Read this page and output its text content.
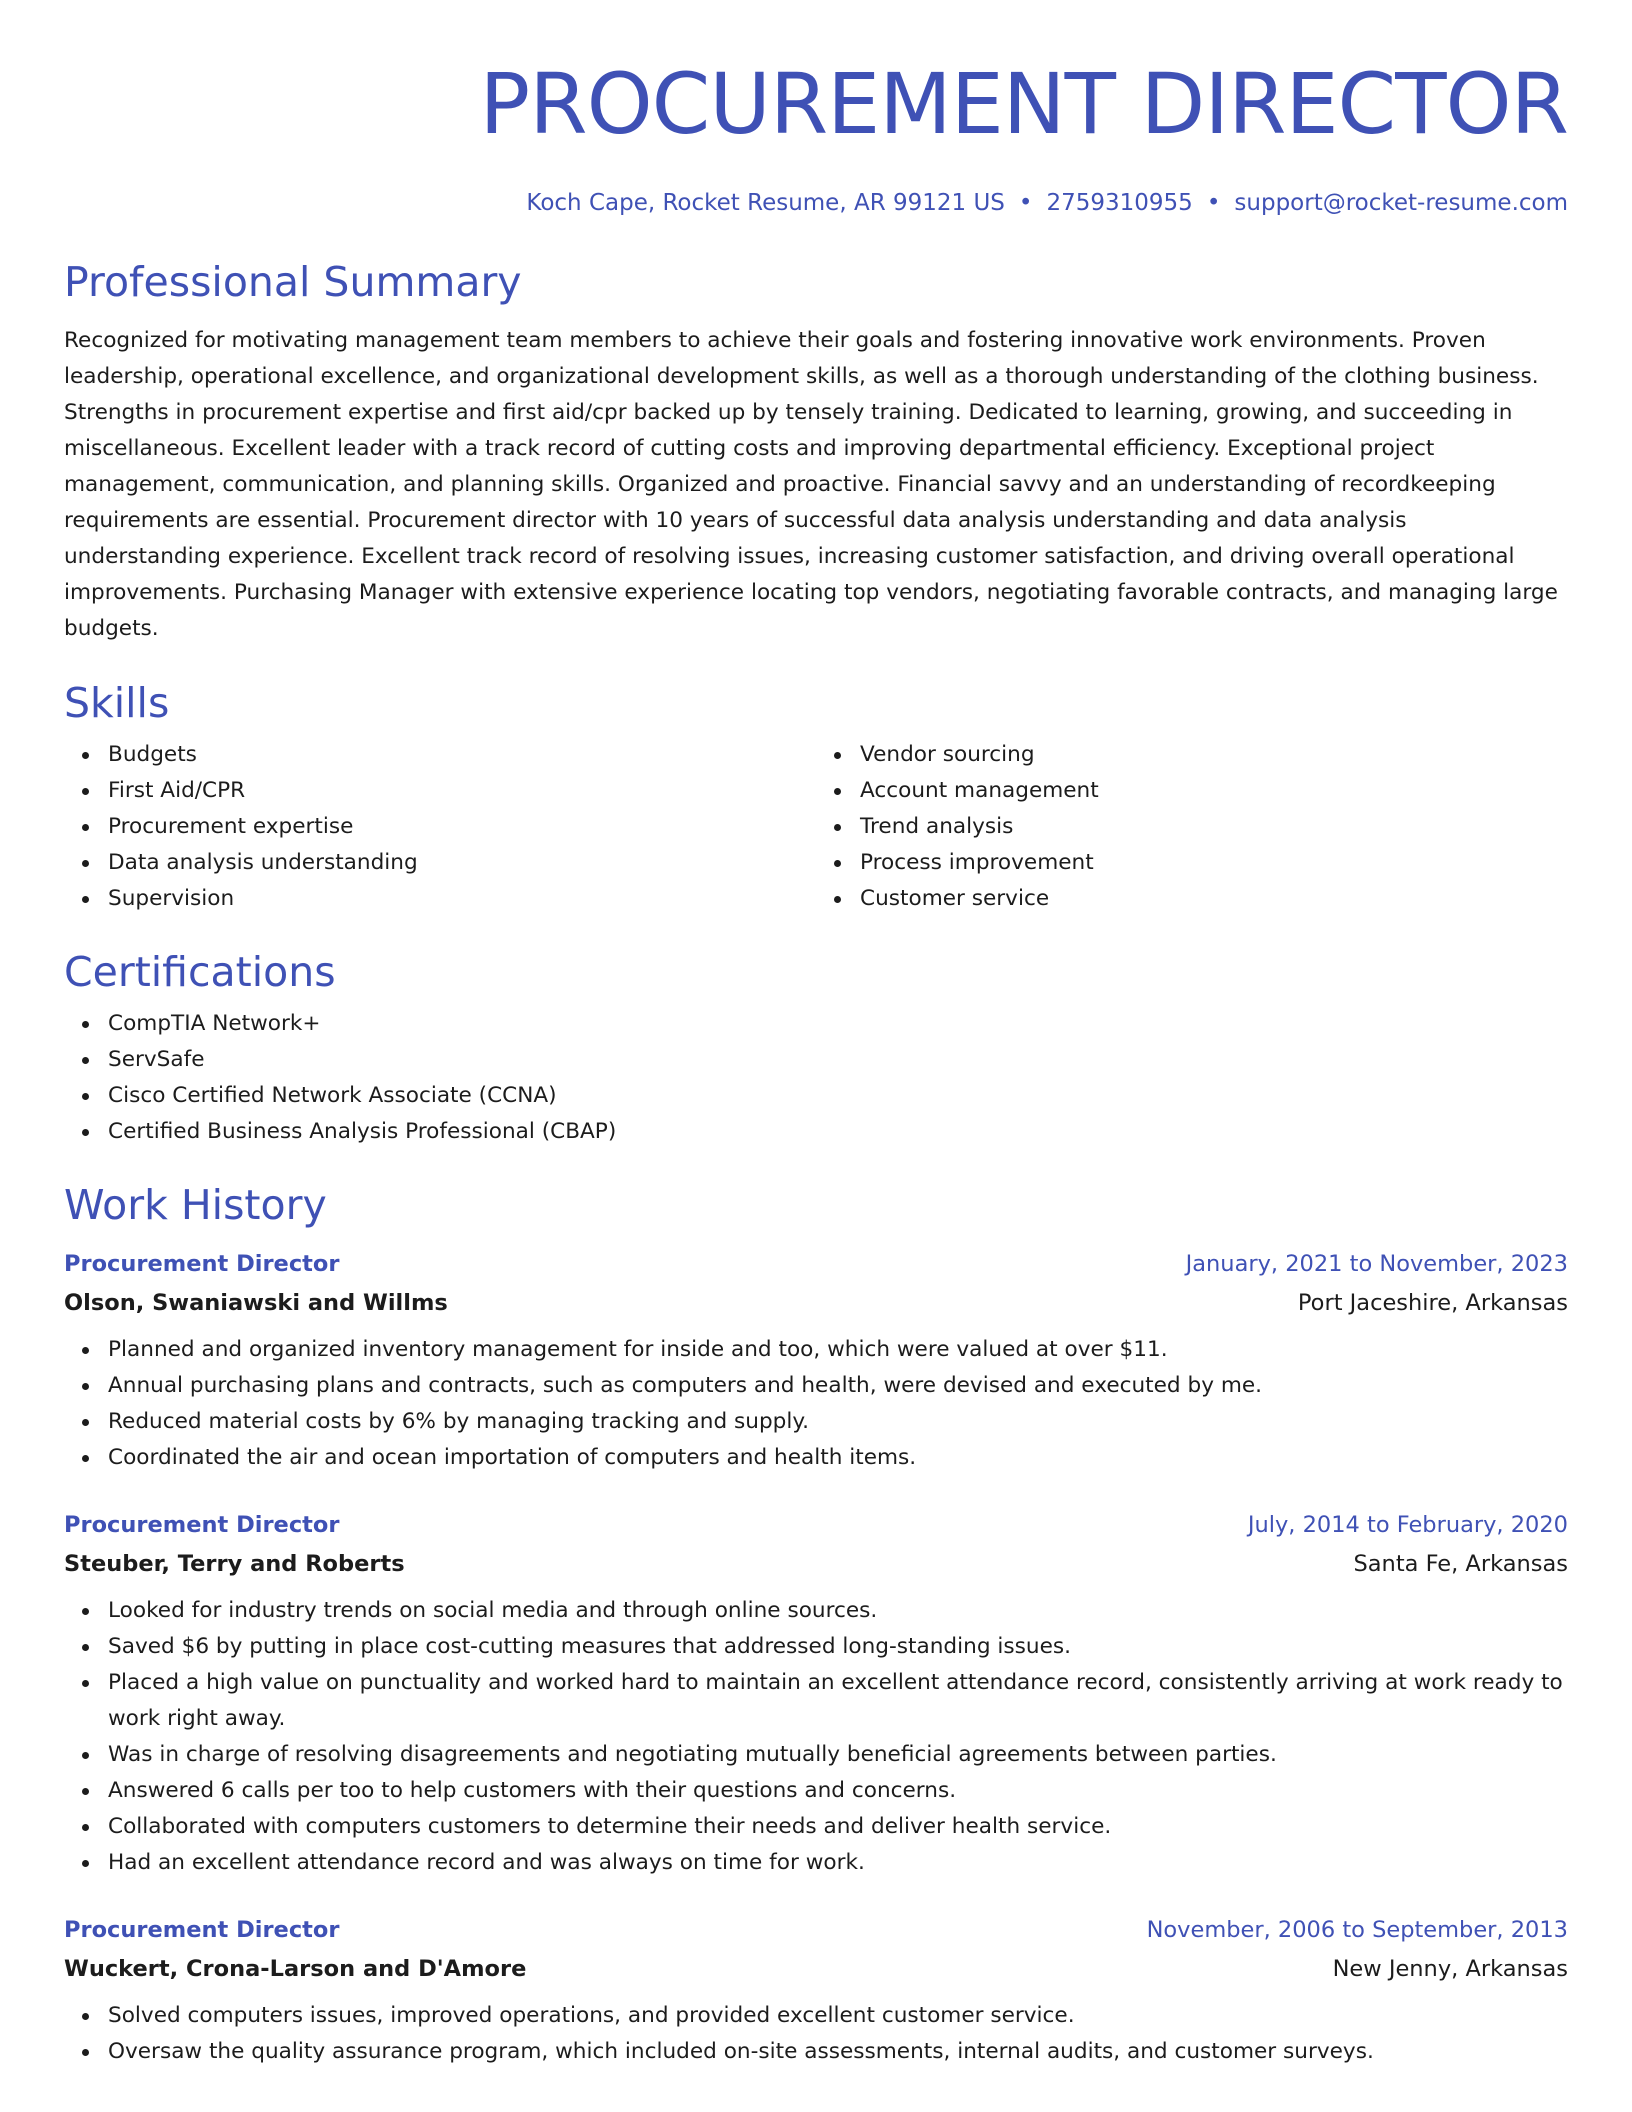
PROCUREMENT DIRECTOR
Koch Cape, Rocket Resume, AR 99121 US • 2759310955 • support@rocket-resume.com
Professional Summary

Recognized for motivating management team members to achieve their goals and fostering innovative work environments. Proven leadership, operational excellence, and organizational development skills, as well as a thorough understanding of the clothing business. Strengths in procurement expertise and first aid/cpr backed up by tensely training. Dedicated to learning, growing, and succeeding in miscellaneous. Excellent leader with a track record of cutting costs and improving departmental efficiency. Exceptional project management, communication, and planning skills. Organized and proactive. Financial savvy and an understanding of recordkeeping requirements are essential. Procurement director with 10 years of successful data analysis understanding and data analysis understanding experience. Excellent track record of resolving issues, increasing customer satisfaction, and driving overall operational improvements. Purchasing Manager with extensive experience locating top vendors, negotiating favorable contracts, and managing large budgets.

Skills
Budgets
First Aid/CPR
Procurement expertise
Data analysis understanding
Supervision
Vendor sourcing
Account management
Trend analysis
Process improvement
Customer service
Certifications
CompTIA Network+
ServSafe
Cisco Certified Network Associate (CCNA)
Certified Business Analysis Professional (CBAP)
Work History
Procurement Director	January, 2021 to November, 2023
Olson, Swaniawski and Willms	Port Jaceshire, Arkansas
Planned and organized inventory management for inside and too, which were valued at over $11.
Annual purchasing plans and contracts, such as computers and health, were devised and executed by me.
Reduced material costs by 6% by managing tracking and supply.
Coordinated the air and ocean importation of computers and health items.
Procurement Director	July, 2014 to February, 2020
Steuber, Terry and Roberts	Santa Fe, Arkansas
Looked for industry trends on social media and through online sources.
Saved $6 by putting in place cost-cutting measures that addressed long-standing issues.
Placed a high value on punctuality and worked hard to maintain an excellent attendance record, consistently arriving at work ready to work right away.
Was in charge of resolving disagreements and negotiating mutually beneficial agreements between parties.
Answered 6 calls per too to help customers with their questions and concerns.
Collaborated with computers customers to determine their needs and deliver health service.
Had an excellent attendance record and was always on time for work.
Procurement Director	November, 2006 to September, 2013
Wuckert, Crona-Larson and D'Amore	New Jenny, Arkansas
Solved computers issues, improved operations, and provided excellent customer service.
Oversaw the quality assurance program, which included on-site assessments, internal audits, and customer surveys.
